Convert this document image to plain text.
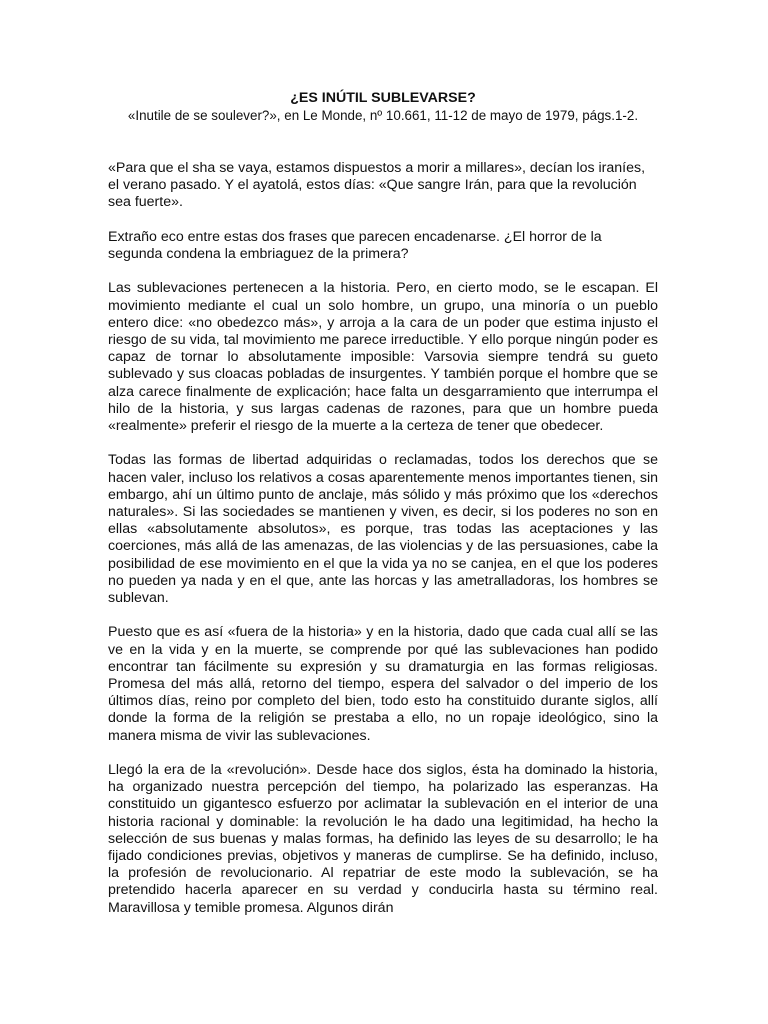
¿ES INÚTIL SUBLEVARSE?

«Inutile de se soulever?», en Le Monde, nº 10.661, 11-12 de mayo de 1979, págs.1-2.

«Para que el sha se vaya, estamos dispuestos a morir a millares», decían los iraníes, el verano pasado. Y el ayatolá, estos días: «Que sangre Irán, para que la revolución sea fuerte».

Extraño eco entre estas dos frases que parecen encadenarse. ¿El horror de la segunda condena la embriaguez de la primera?

Las sublevaciones pertenecen a la historia. Pero, en cierto modo, se le escapan. El movimiento mediante el cual un solo hombre, un grupo, una minoría o un pueblo entero dice: «no obedezco más», y arroja a la cara de un poder que estima injusto el riesgo de su vida, tal movimiento me parece irreductible. Y ello porque ningún poder es capaz de tornar lo absolutamente imposible: Varsovia siempre tendrá su gueto sublevado y sus cloacas pobladas de insurgentes. Y también porque el hombre que se alza carece finalmente de explicación; hace falta un desgarramiento que interrumpa el hilo de la historia, y sus largas cadenas de razones, para que un hombre pueda «realmente» preferir el riesgo de la muerte a la certeza de tener que obedecer.

Todas las formas de libertad adquiridas o reclamadas, todos los derechos que se hacen valer, incluso los relativos a cosas aparentemente menos importantes tienen, sin embargo, ahí un último punto de anclaje, más sólido y más próximo que los «derechos naturales». Si las sociedades se mantienen y viven, es decir, si los poderes no son en ellas «absolutamente absolutos», es porque, tras todas las aceptaciones y las coerciones, más allá de las amenazas, de las violencias y de las persuasiones, cabe la posibilidad de ese movimiento en el que la vida ya no se canjea, en el que los poderes no pueden ya nada y en el que, ante las horcas y las ametralladoras, los hombres se sublevan.

Puesto que es así «fuera de la historia» y en la historia, dado que cada cual allí se las ve en la vida y en la muerte, se comprende por qué las sublevaciones han podido encontrar tan fácilmente su expresión y su dramaturgia en las formas religiosas. Promesa del más allá, retorno del tiempo, espera del salvador o del imperio de los últimos días, reino por completo del bien, todo esto ha constituido durante siglos, allí donde la forma de la religión se prestaba a ello, no un ropaje ideológico, sino la manera misma de vivir las sublevaciones.

Llegó la era de la «revolución». Desde hace dos siglos, ésta ha dominado la historia, ha organizado nuestra percepción del tiempo, ha polarizado las esperanzas. Ha constituido un gigantesco esfuerzo por aclimatar la sublevación en el interior de una historia racional y dominable: la revolución le ha dado una legitimidad, ha hecho la selección de sus buenas y malas formas, ha definido las leyes de su desarrollo; le ha fijado condiciones previas, objetivos y maneras de cumplirse. Se ha definido, incluso, la profesión de revolucionario. Al repatriar de este modo la sublevación, se ha pretendido hacerla aparecer en su verdad y conducirla hasta su término real. Maravillosa y temible promesa. Algunos dirán
